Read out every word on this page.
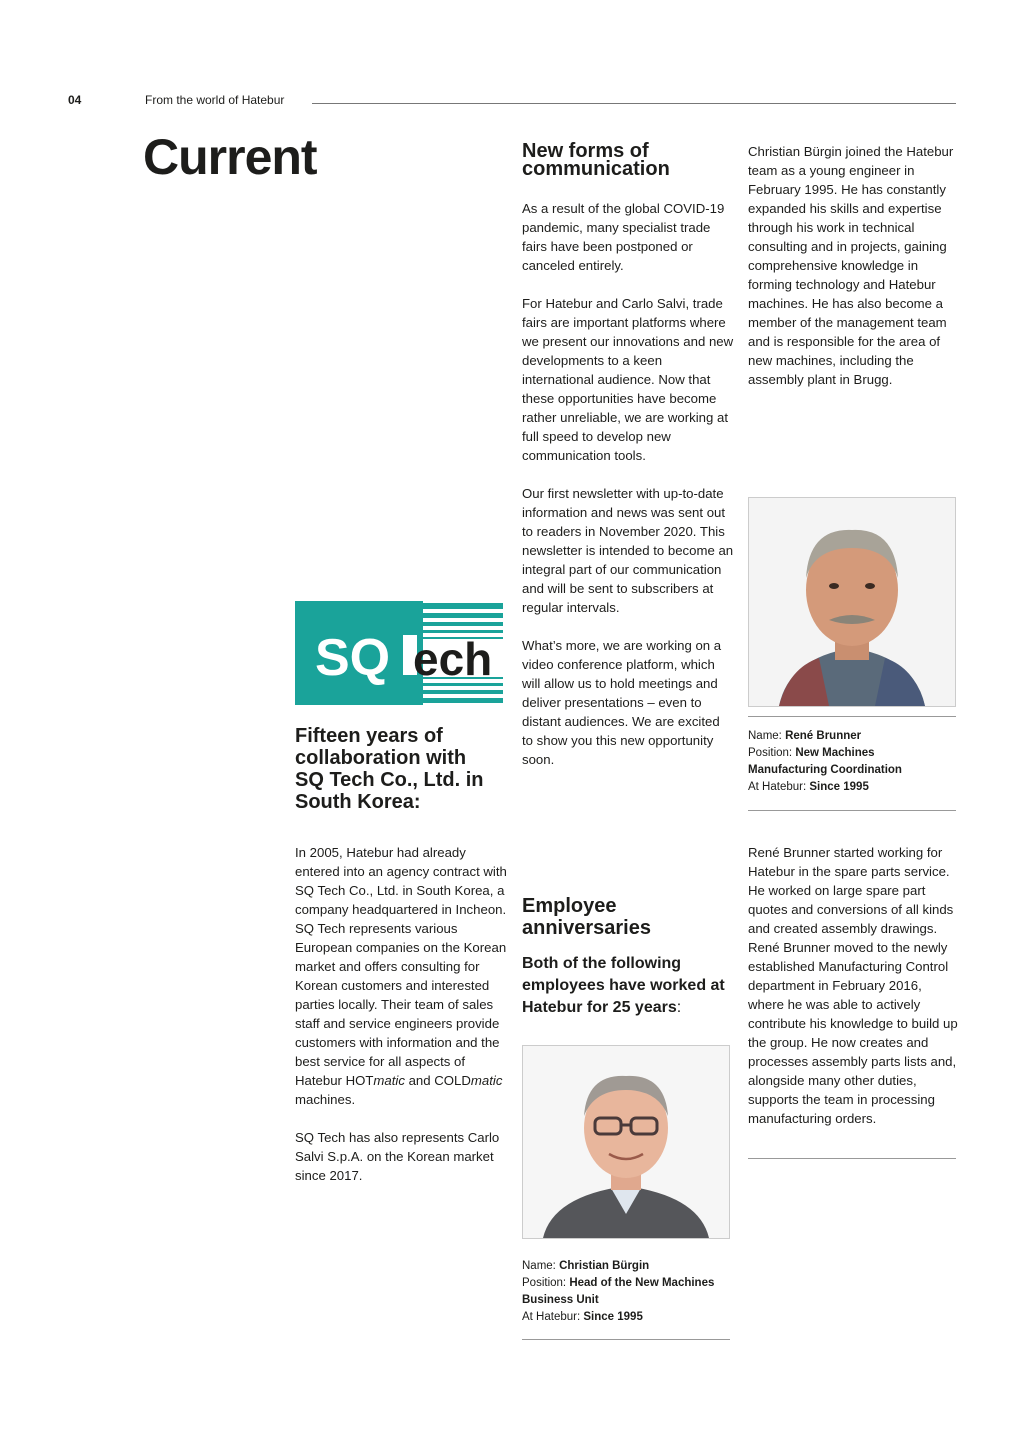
04	From the world of Hatebur
Current	New forms of
communication

As a result of the global COVID-19 pandemic, many specialist trade fairs have been postponed or canceled entirely.

For Hatebur and Carlo Salvi, trade fairs are important platforms where we present our innovations and new developments to a keen international audience. Now that these opportunities have become rather unreliable, we are working at full speed to develop new communication tools.

Our first newsletter with up-to-date information and news was sent out to readers in November 2020. This newsletter is intended to become an integral part of our communication and will be sent to subscribers at regular intervals.

What’s more, we are working on a video conference platform, which will allow us to hold meetings and deliver presentations – even to distant audiences. We are excited to show you this new opportunity soon.

Christian Bürgin joined the Hatebur team as a young engineer in February 1995. He has constantly expanded his skills and expertise through his work in technical consulting and in projects, gaining comprehensive knowledge in forming technology and Hatebur machines. He has also become a member of the management team and is responsible for the area of new machines, including the assembly plant in Brugg.

Name: René Brunner
Position: New Machines Manufacturing Coordination
At Hatebur: Since 1995

René Brunner started working for Hatebur in the spare parts service. He worked on large spare part quotes and conversions of all kinds and created assembly drawings. René Brunner moved to the newly established Manufacturing Control department in February 2016, where he was able to actively contribute his knowledge to build up the group. He now creates and processes assembly parts lists and, alongside many other duties, supports the team in processing manufacturing orders.

SQ ech
Fifteen years of collaboration with SQ Tech Co., Ltd. in South Korea:

In 2005, Hatebur had already entered into an agency contract with SQ Tech Co., Ltd. in South Korea, a company headquartered in Incheon. SQ Tech represents various European companies on the Korean market and offers consulting for Korean customers and interested parties locally. Their team of sales staff and service engineers provide customers with information and the best service for all aspects of Hatebur HOTmatic and COLDmatic machines.

SQ Tech has also represents Carlo Salvi S.p.A. on the Korean market since 2017.

Employee
anniversaries
Both of the following employees have worked at Hatebur for 25 years:
Name: Christian Bürgin
Position: Head of the New Machines Business Unit
At Hatebur: Since 1995
